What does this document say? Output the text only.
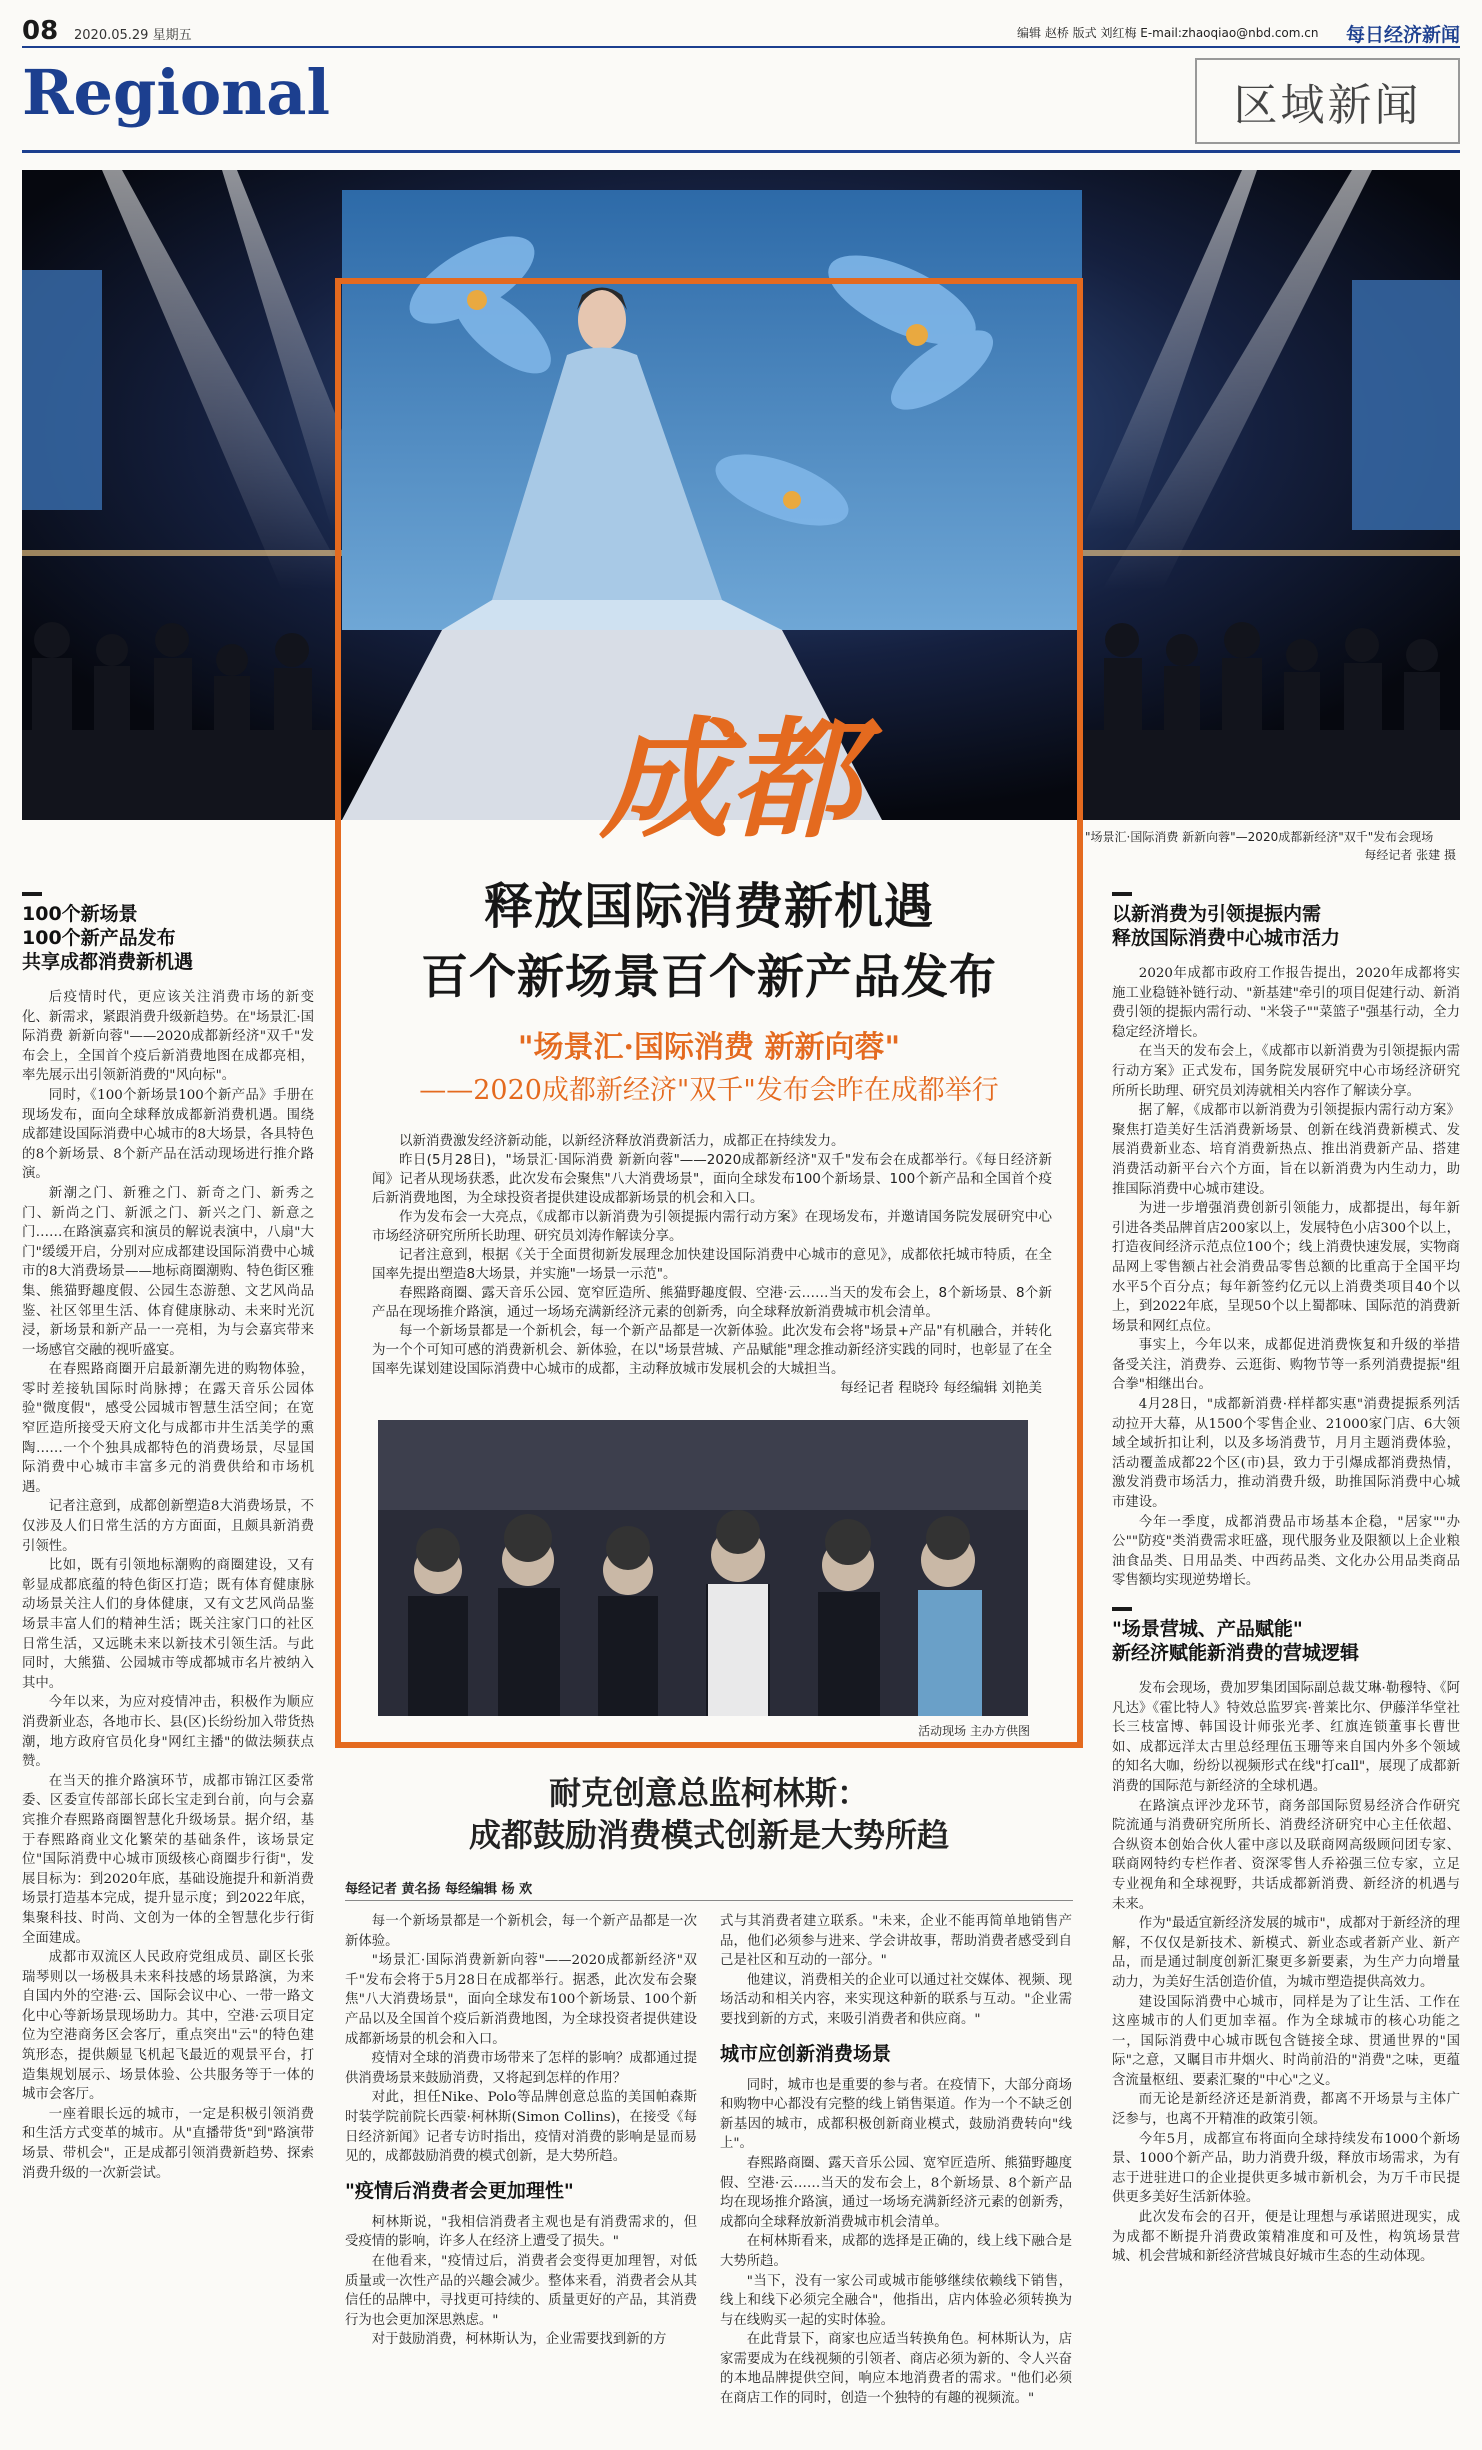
08 2020.05.29 星期五	编辑 赵桥 版式 刘红梅 E-mail:zhaoqiao@nbd.com.cn 每日经济新闻
Regional	区域新闻
"场景汇·国际消费 新新向蓉"—2020成都新经济"双千"发布会现场
每经记者 张建 摄
成都
释放国际消费新机遇
百个新场景百个新产品发布
"场景汇·国际消费 新新向蓉"
——2020成都新经济"双千"发布会昨在成都举行

以新消费激发经济新动能，以新经济释放消费新活力，成都正在持续发力。

昨日(5月28日)，"场景汇·国际消费 新新向蓉"——2020成都新经济"双千"发布会在成都举行。《每日经济新闻》记者从现场获悉，此次发布会聚焦"八大消费场景"，面向全球发布100个新场景、100个新产品和全国首个疫后新消费地图，为全球投资者提供建设成都新场景的机会和入口。

作为发布会一大亮点，《成都市以新消费为引领提振内需行动方案》在现场发布，并邀请国务院发展研究中心市场经济研究所所长助理、研究员刘涛作解读分享。

记者注意到，根据《关于全面贯彻新发展理念加快建设国际消费中心城市的意见》，成都依托城市特质，在全国率先提出塑造8大场景，并实施"一场景一示范"。

春熙路商圈、露天音乐公园、宽窄匠造所、熊猫野趣度假、空港·云……当天的发布会上，8个新场景、8个新产品在现场推介路演，通过一场场充满新经济元素的创新秀，向全球释放新消费城市机会清单。

每一个新场景都是一个新机会，每一个新产品都是一次新体验。此次发布会将"场景+产品"有机融合，并转化为一个个可知可感的消费新机会、新体验，在以"场景营城、产品赋能"理念推动新经济实践的同时，也彰显了在全国率先谋划建设国际消费中心城市的成都，主动释放城市发展机会的大城担当。

每经记者 程晓玲 每经编辑 刘艳美

活动现场 主办方供图
耐克创意总监柯林斯：
成都鼓励消费模式创新是大势所趋
每经记者 黄名扬 每经编辑 杨 欢
100个新场景
100个新产品发布
共享成都消费新机遇

后疫情时代，更应该关注消费市场的新变化、新需求，紧跟消费升级新趋势。在"场景汇·国际消费 新新向蓉"——2020成都新经济"双千"发布会上，全国首个疫后新消费地图在成都亮相，率先展示出引领新消费的"风向标"。

同时，《100个新场景100个新产品》手册在现场发布，面向全球释放成都新消费机遇。围绕成都建设国际消费中心城市的8大场景，各具特色的8个新场景、8个新产品在活动现场进行推介路演。

新潮之门、新雅之门、新奇之门、新秀之门、新尚之门、新派之门、新兴之门、新意之门……在路演嘉宾和演员的解说表演中，八扇"大门"缓缓开启，分别对应成都建设国际消费中心城市的8大消费场景——地标商圈潮购、特色街区雅集、熊猫野趣度假、公园生态游憩、文艺风尚品鉴、社区邻里生活、体育健康脉动、未来时光沉浸，新场景和新产品一一亮相，为与会嘉宾带来一场感官交融的视听盛宴。

在春熙路商圈开启最新潮先进的购物体验，零时差接轨国际时尚脉搏；在露天音乐公园体验"微度假"，感受公园城市智慧生活空间；在宽窄匠造所接受天府文化与成都市井生活美学的熏陶……一个个独具成都特色的消费场景，尽显国际消费中心城市丰富多元的消费供给和市场机遇。

记者注意到，成都创新塑造8大消费场景，不仅涉及人们日常生活的方方面面，且颇具新消费引领性。

比如，既有引领地标潮购的商圈建设，又有彰显成都底蕴的特色街区打造；既有体育健康脉动场景关注人们的身体健康，又有文艺风尚品鉴场景丰富人们的精神生活；既关注家门口的社区日常生活，又远眺未来以新技术引领生活。与此同时，大熊猫、公园城市等成都城市名片被纳入其中。

今年以来，为应对疫情冲击，积极作为顺应消费新业态，各地市长、县(区)长纷纷加入带货热潮，地方政府官员化身"网红主播"的做法频获点赞。

在当天的推介路演环节，成都市锦江区委常委、区委宣传部部长邱长宝走到台前，向与会嘉宾推介春熙路商圈智慧化升级场景。据介绍，基于春熙路商业文化繁荣的基础条件，该场景定位"国际消费中心城市顶级核心商圈步行街"，发展目标为：到2020年底，基础设施提升和新消费场景打造基本完成，提升显示度；到2022年底，集聚科技、时尚、文创为一体的全智慧化步行街全面建成。

成都市双流区人民政府党组成员、副区长张瑞琴则以一场极具未来科技感的场景路演，为来自国内外的空港·云、国际会议中心、一带一路文化中心等新场景现场助力。其中，空港·云项目定位为空港商务区会客厅，重点突出"云"的特色建筑形态，提供颇显飞机起飞最近的观景平台，打造集规划展示、场景体验、公共服务等于一体的城市会客厅。

一座着眼长远的城市，一定是积极引领消费和生活方式变革的城市。从"直播带货"到"路演带场景、带机会"，正是成都引领消费新趋势、探索消费升级的一次新尝试。

每一个新场景都是一个新机会，每一个新产品都是一次新体验。

"场景汇·国际消费新新向蓉"——2020成都新经济"双千"发布会将于5月28日在成都举行。据悉，此次发布会聚焦"八大消费场景"，面向全球发布100个新场景、100个新产品以及全国首个疫后新消费地图，为全球投资者提供建设成都新场景的机会和入口。

疫情对全球的消费市场带来了怎样的影响？成都通过提供消费场景来鼓励消费，又将起到怎样的作用？

对此，担任Nike、Polo等品牌创意总监的美国帕森斯时装学院前院长西蒙·柯林斯(Simon Collins)，在接受《每日经济新闻》记者专访时指出，疫情对消费的影响是显而易见的，成都鼓励消费的模式创新，是大势所趋。

"疫情后消费者会更加理性"

柯林斯说，"我相信消费者主观也是有消费需求的，但受疫情的影响，许多人在经济上遭受了损失。"

在他看来，"疫情过后，消费者会变得更加理智，对低质量或一次性产品的兴趣会减少。整体来看，消费者会从其信任的品牌中，寻找更可持续的、质量更好的产品，其消费行为也会更加深思熟虑。"

对于鼓励消费，柯林斯认为，企业需要找到新的方

式与其消费者建立联系。"未来，企业不能再简单地销售产品，他们必须参与进来、学会讲故事，帮助消费者感受到自己是社区和互动的一部分。"

他建议，消费相关的企业可以通过社交媒体、视频、现场活动和相关内容，来实现这种新的联系与互动。"企业需要找到新的方式，来吸引消费者和供应商。"

城市应创新消费场景

同时，城市也是重要的参与者。在疫情下，大部分商场和购物中心都没有完整的线上销售渠道。作为一个不缺乏创新基因的城市，成都积极创新商业模式，鼓励消费转向"线上"。

春熙路商圈、露天音乐公园、宽窄匠造所、熊猫野趣度假、空港·云……当天的发布会上，8个新场景、8个新产品均在现场推介路演，通过一场场充满新经济元素的创新秀，成都向全球释放新消费城市机会清单。

在柯林斯看来，成都的选择是正确的，线上线下融合是大势所趋。

"当下，没有一家公司或城市能够继续依赖线下销售，线上和线下必须完全融合"，他指出，店内体验必须转换为与在线购买一起的实时体验。

在此背景下，商家也应适当转换角色。柯林斯认为，店家需要成为在线视频的引领者、商店必须为新的、令人兴奋的本地品牌提供空间，响应本地消费者的需求。"他们必须在商店工作的同时，创造一个独特的有趣的视频流。"

以新消费为引领提振内需
释放国际消费中心城市活力

2020年成都市政府工作报告提出，2020年成都将实施工业稳链补链行动、"新基建"牵引的项目促建行动、新消费引领的提振内需行动、"米袋子""菜篮子"强基行动，全力稳定经济增长。

在当天的发布会上，《成都市以新消费为引领提振内需行动方案》正式发布，国务院发展研究中心市场经济研究所所长助理、研究员刘涛就相关内容作了解读分享。

据了解，《成都市以新消费为引领提振内需行动方案》聚焦打造美好生活消费新场景、创新在线消费新模式、发展消费新业态、培育消费新热点、推出消费新产品、搭建消费活动新平台六个方面，旨在以新消费为内生动力，助推国际消费中心城市建设。

为进一步增强消费创新引领能力，成都提出，每年新引进各类品牌首店200家以上，发展特色小店300个以上，打造夜间经济示范点位100个；线上消费快速发展，实物商品网上零售额占社会消费品零售总额的比重高于全国平均水平5个百分点；每年新签约亿元以上消费类项目40个以上，到2022年底，呈现50个以上蜀都味、国际范的消费新场景和网红点位。

事实上，今年以来，成都促进消费恢复和升级的举措备受关注，消费券、云逛街、购物节等一系列消费提振"组合拳"相继出台。

4月28日，"成都新消费·样样都实惠"消费提振系列活动拉开大幕，从1500个零售企业、21000家门店、6大领域全域折扣让利，以及多场消费节，月月主题消费体验，活动覆盖成都22个区(市)县，致力于引爆成都消费热情，激发消费市场活力，推动消费升级，助推国际消费中心城市建设。

今年一季度，成都消费品市场基本企稳，"居家""办公""防疫"类消费需求旺盛，现代服务业及限额以上企业粮油食品类、日用品类、中西药品类、文化办公用品类商品零售额均实现逆势增长。

"场景营城、产品赋能"
新经济赋能新消费的营城逻辑

发布会现场，费加罗集团国际副总裁艾琳·勒穆特、《阿凡达》《霍比特人》特效总监罗宾·普莱比尔、伊藤洋华堂社长三枝富博、韩国设计师张光孝、红旗连锁董事长曹世如、成都远洋太古里总经理伍玉珊等来自国内外多个领域的知名大咖，纷纷以视频形式在线"打call"，展现了成都新消费的国际范与新经济的全球机遇。

在路演点评沙龙环节，商务部国际贸易经济合作研究院流通与消费研究所所长、消费经济研究中心主任依超、合纵资本创始合伙人霍中彦以及联商网高级顾问团专家、联商网特约专栏作者、资深零售人乔裕强三位专家，立足专业视角和全球视野，共话成都新消费、新经济的机遇与未来。

作为"最适宜新经济发展的城市"，成都对于新经济的理解，不仅仅是新技术、新模式、新业态或者新产业、新产品，而是通过制度创新汇聚更多新要素，为生产力向增量动力，为美好生活创造价值，为城市塑造提供高效力。

建设国际消费中心城市，同样是为了让生活、工作在这座城市的人们更加幸福。作为全球城市的核心功能之一，国际消费中心城市既包含链接全球、贯通世界的"国际"之意，又瞩目市井烟火、时尚前沿的"消费"之味，更蕴含流量枢纽、要素汇聚的"中心"之义。

而无论是新经济还是新消费，都离不开场景与主体广泛参与，也离不开精准的政策引领。

今年5月，成都宣布将面向全球持续发布1000个新场景、1000个新产品，助力消费升级，释放市场需求，为有志于进驻进口的企业提供更多城市新机会，为万千市民提供更多美好生活新体验。

此次发布会的召开，便是让理想与承诺照进现实，成为成都不断提升消费政策精准度和可及性，构筑场景营城、机会营城和新经济营城良好城市生态的生动体现。
